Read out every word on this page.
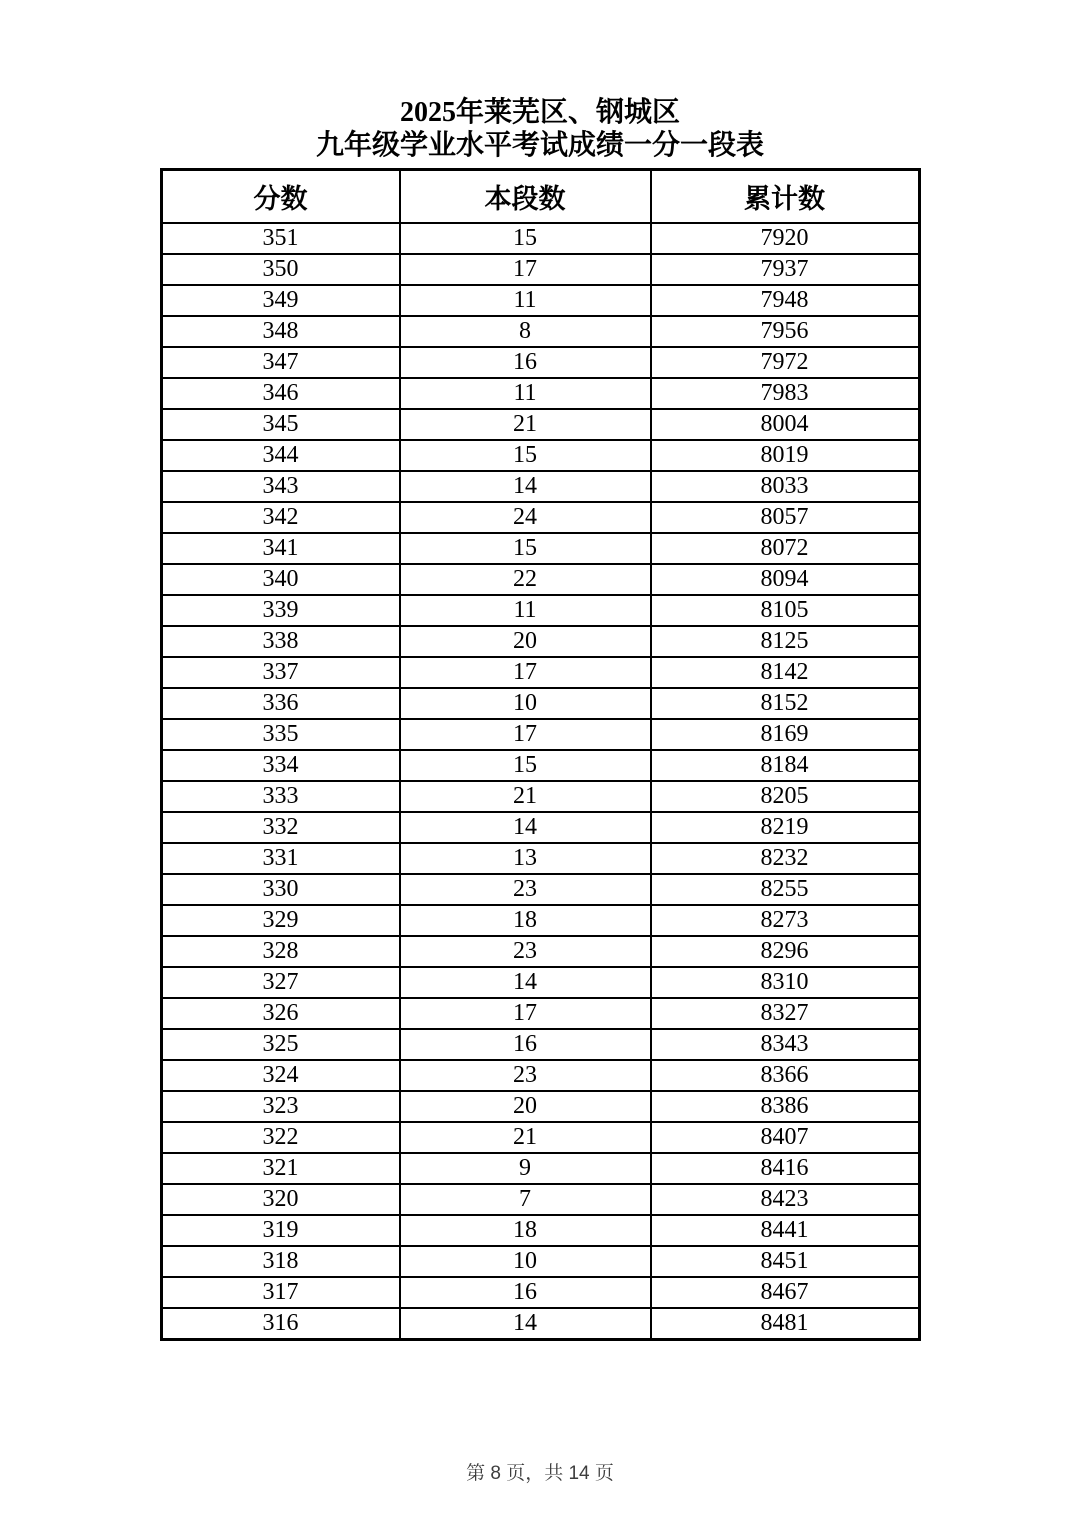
2025年莱芜区、钢城区
九年级学业水平考试成绩一分一段表
分数	本段数	累计数
351	15	7920
350	17	7937
349	11	7948
348	8	7956
347	16	7972
346	11	7983
345	21	8004
344	15	8019
343	14	8033
342	24	8057
341	15	8072
340	22	8094
339	11	8105
338	20	8125
337	17	8142
336	10	8152
335	17	8169
334	15	8184
333	21	8205
332	14	8219
331	13	8232
330	23	8255
329	18	8273
328	23	8296
327	14	8310
326	17	8327
325	16	8343
324	23	8366
323	20	8386
322	21	8407
321	9	8416
320	7	8423
319	18	8441
318	10	8451
317	16	8467
316	14	8481
第 8 页，共 14 页
